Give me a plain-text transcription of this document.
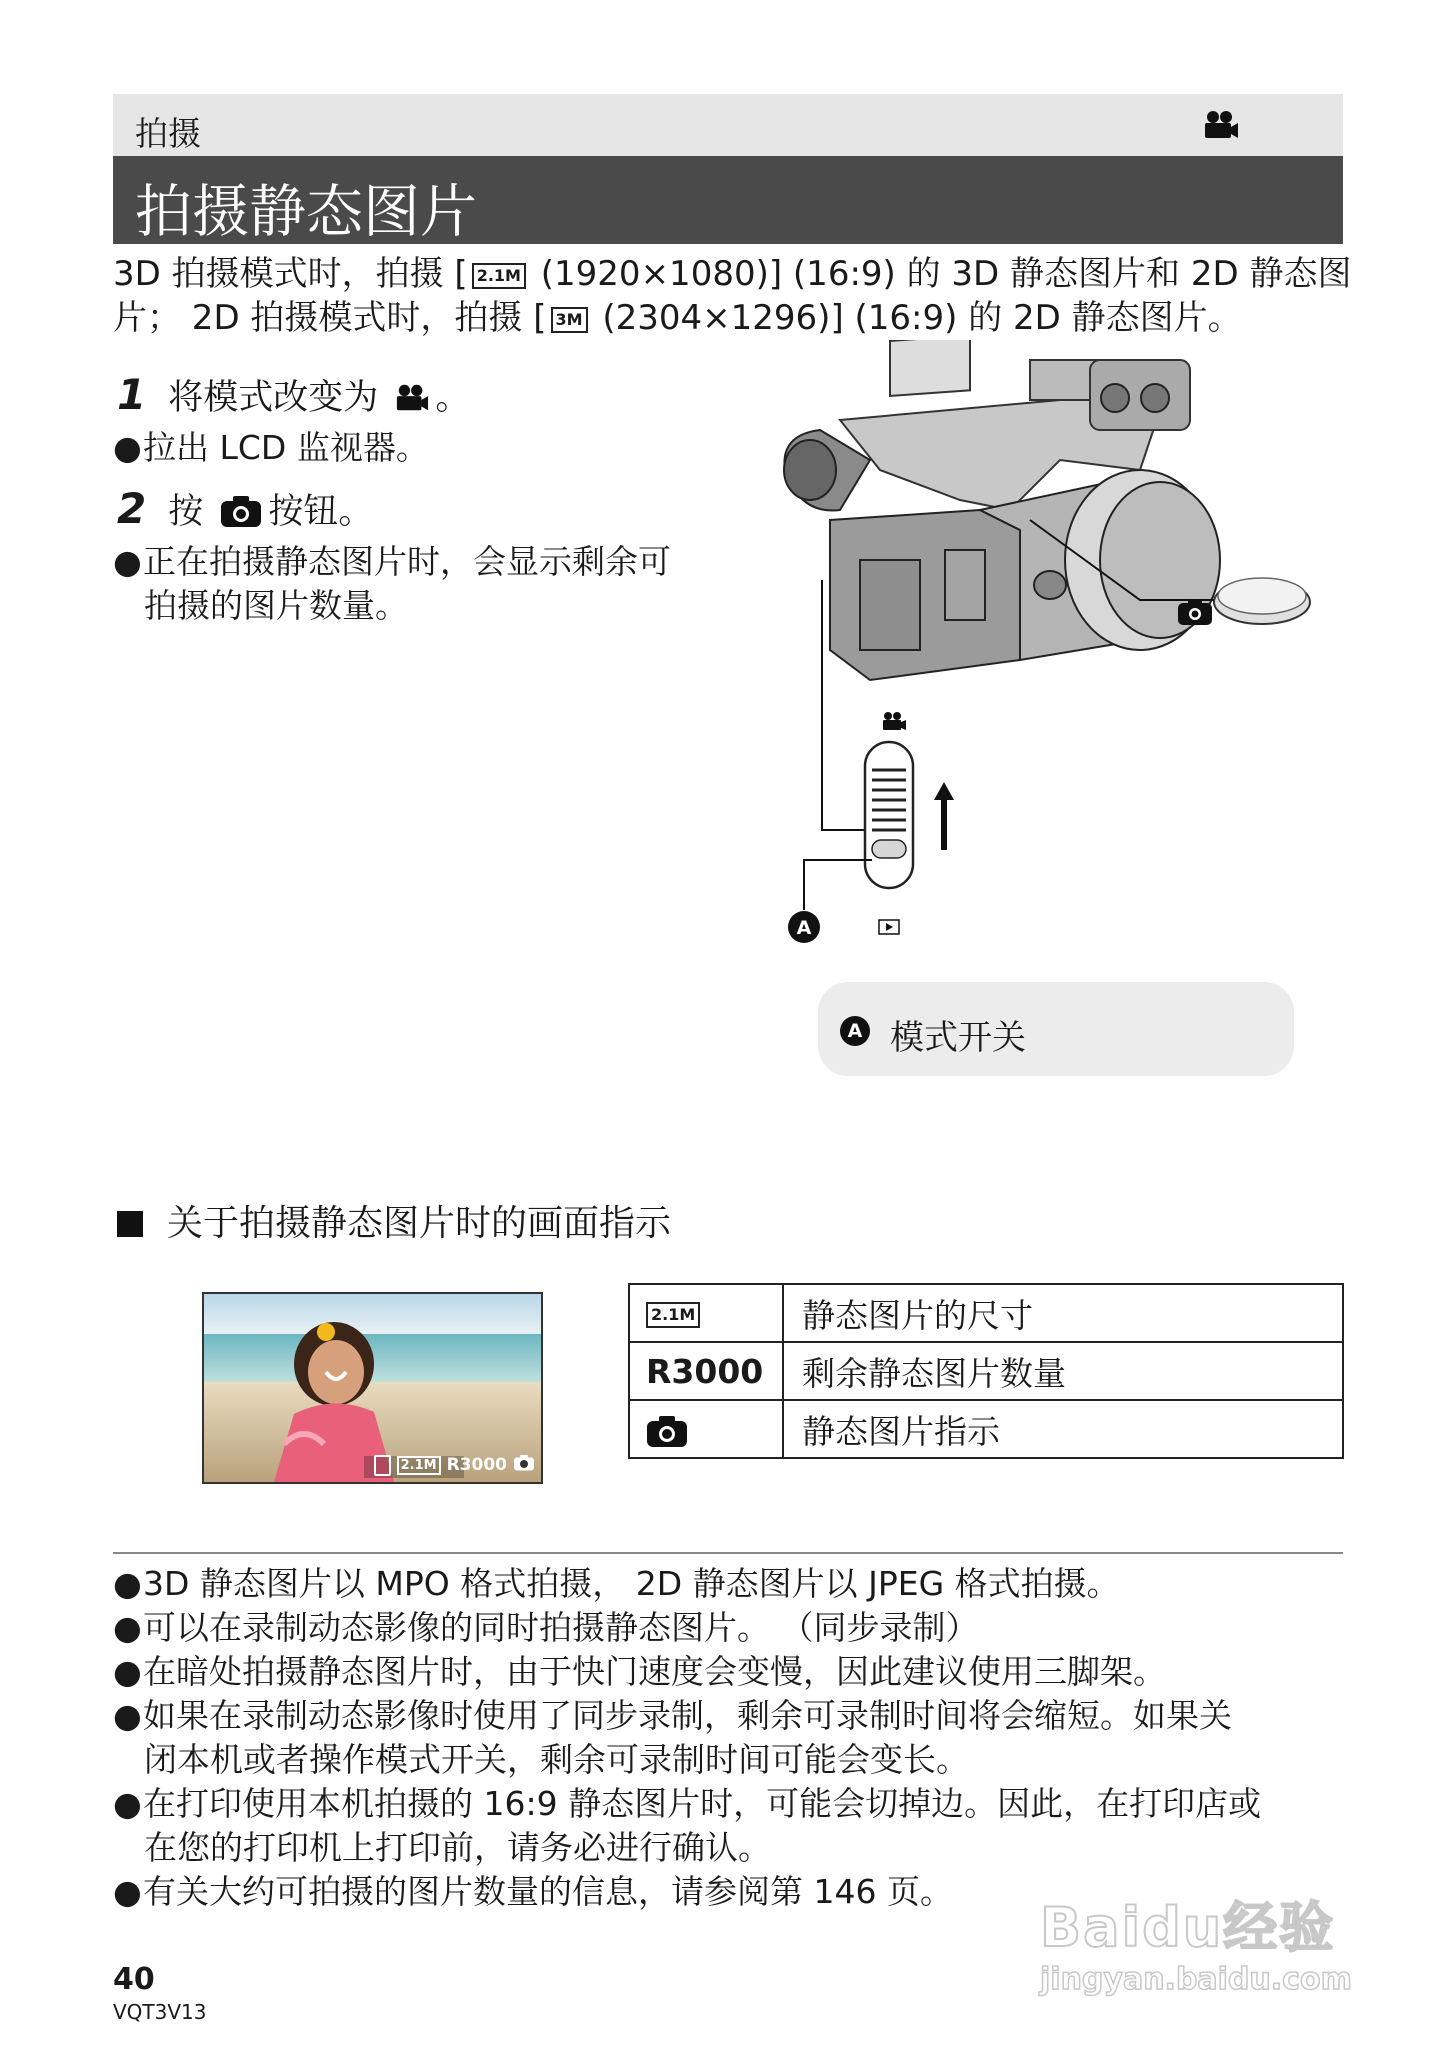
拍摄
拍摄静态图片
3D 拍摄模式时，拍摄 [ 2.1M (1920×1080)] (16:9) 的 3D 静态图片和 2D 静态图
片； 2D 拍摄模式时，拍摄 [ 3M (2304×1296)] (16:9) 的 2D 静态图片。
1 将模式改变为 。
●拉出 LCD 监视器。
2 按 按钮。
●正在拍摄静态图片时，会显示剩余可
拍摄的图片数量。
A
A 模式开关
关于拍摄静态图片时的画面指示
2.1M R3000
2.1M	静态图片的尺寸
R3000	剩余静态图片数量
	静态图片指示
●3D 静态图片以 MPO 格式拍摄， 2D 静态图片以 JPEG 格式拍摄。
●可以在录制动态影像的同时拍摄静态图片。 （同步录制）
●在暗处拍摄静态图片时，由于快门速度会变慢，因此建议使用三脚架。
●如果在录制动态影像时使用了同步录制，剩余可录制时间将会缩短。如果关
闭本机或者操作模式开关，剩余可录制时间可能会变长。
●在打印使用本机拍摄的 16:9 静态图片时，可能会切掉边。因此，在打印店或
在您的打印机上打印前，请务必进行确认。
●有关大约可拍摄的图片数量的信息，请参阅第 146 页。
40
VQT3V13
Baidu经验
jingyan.baidu.com
